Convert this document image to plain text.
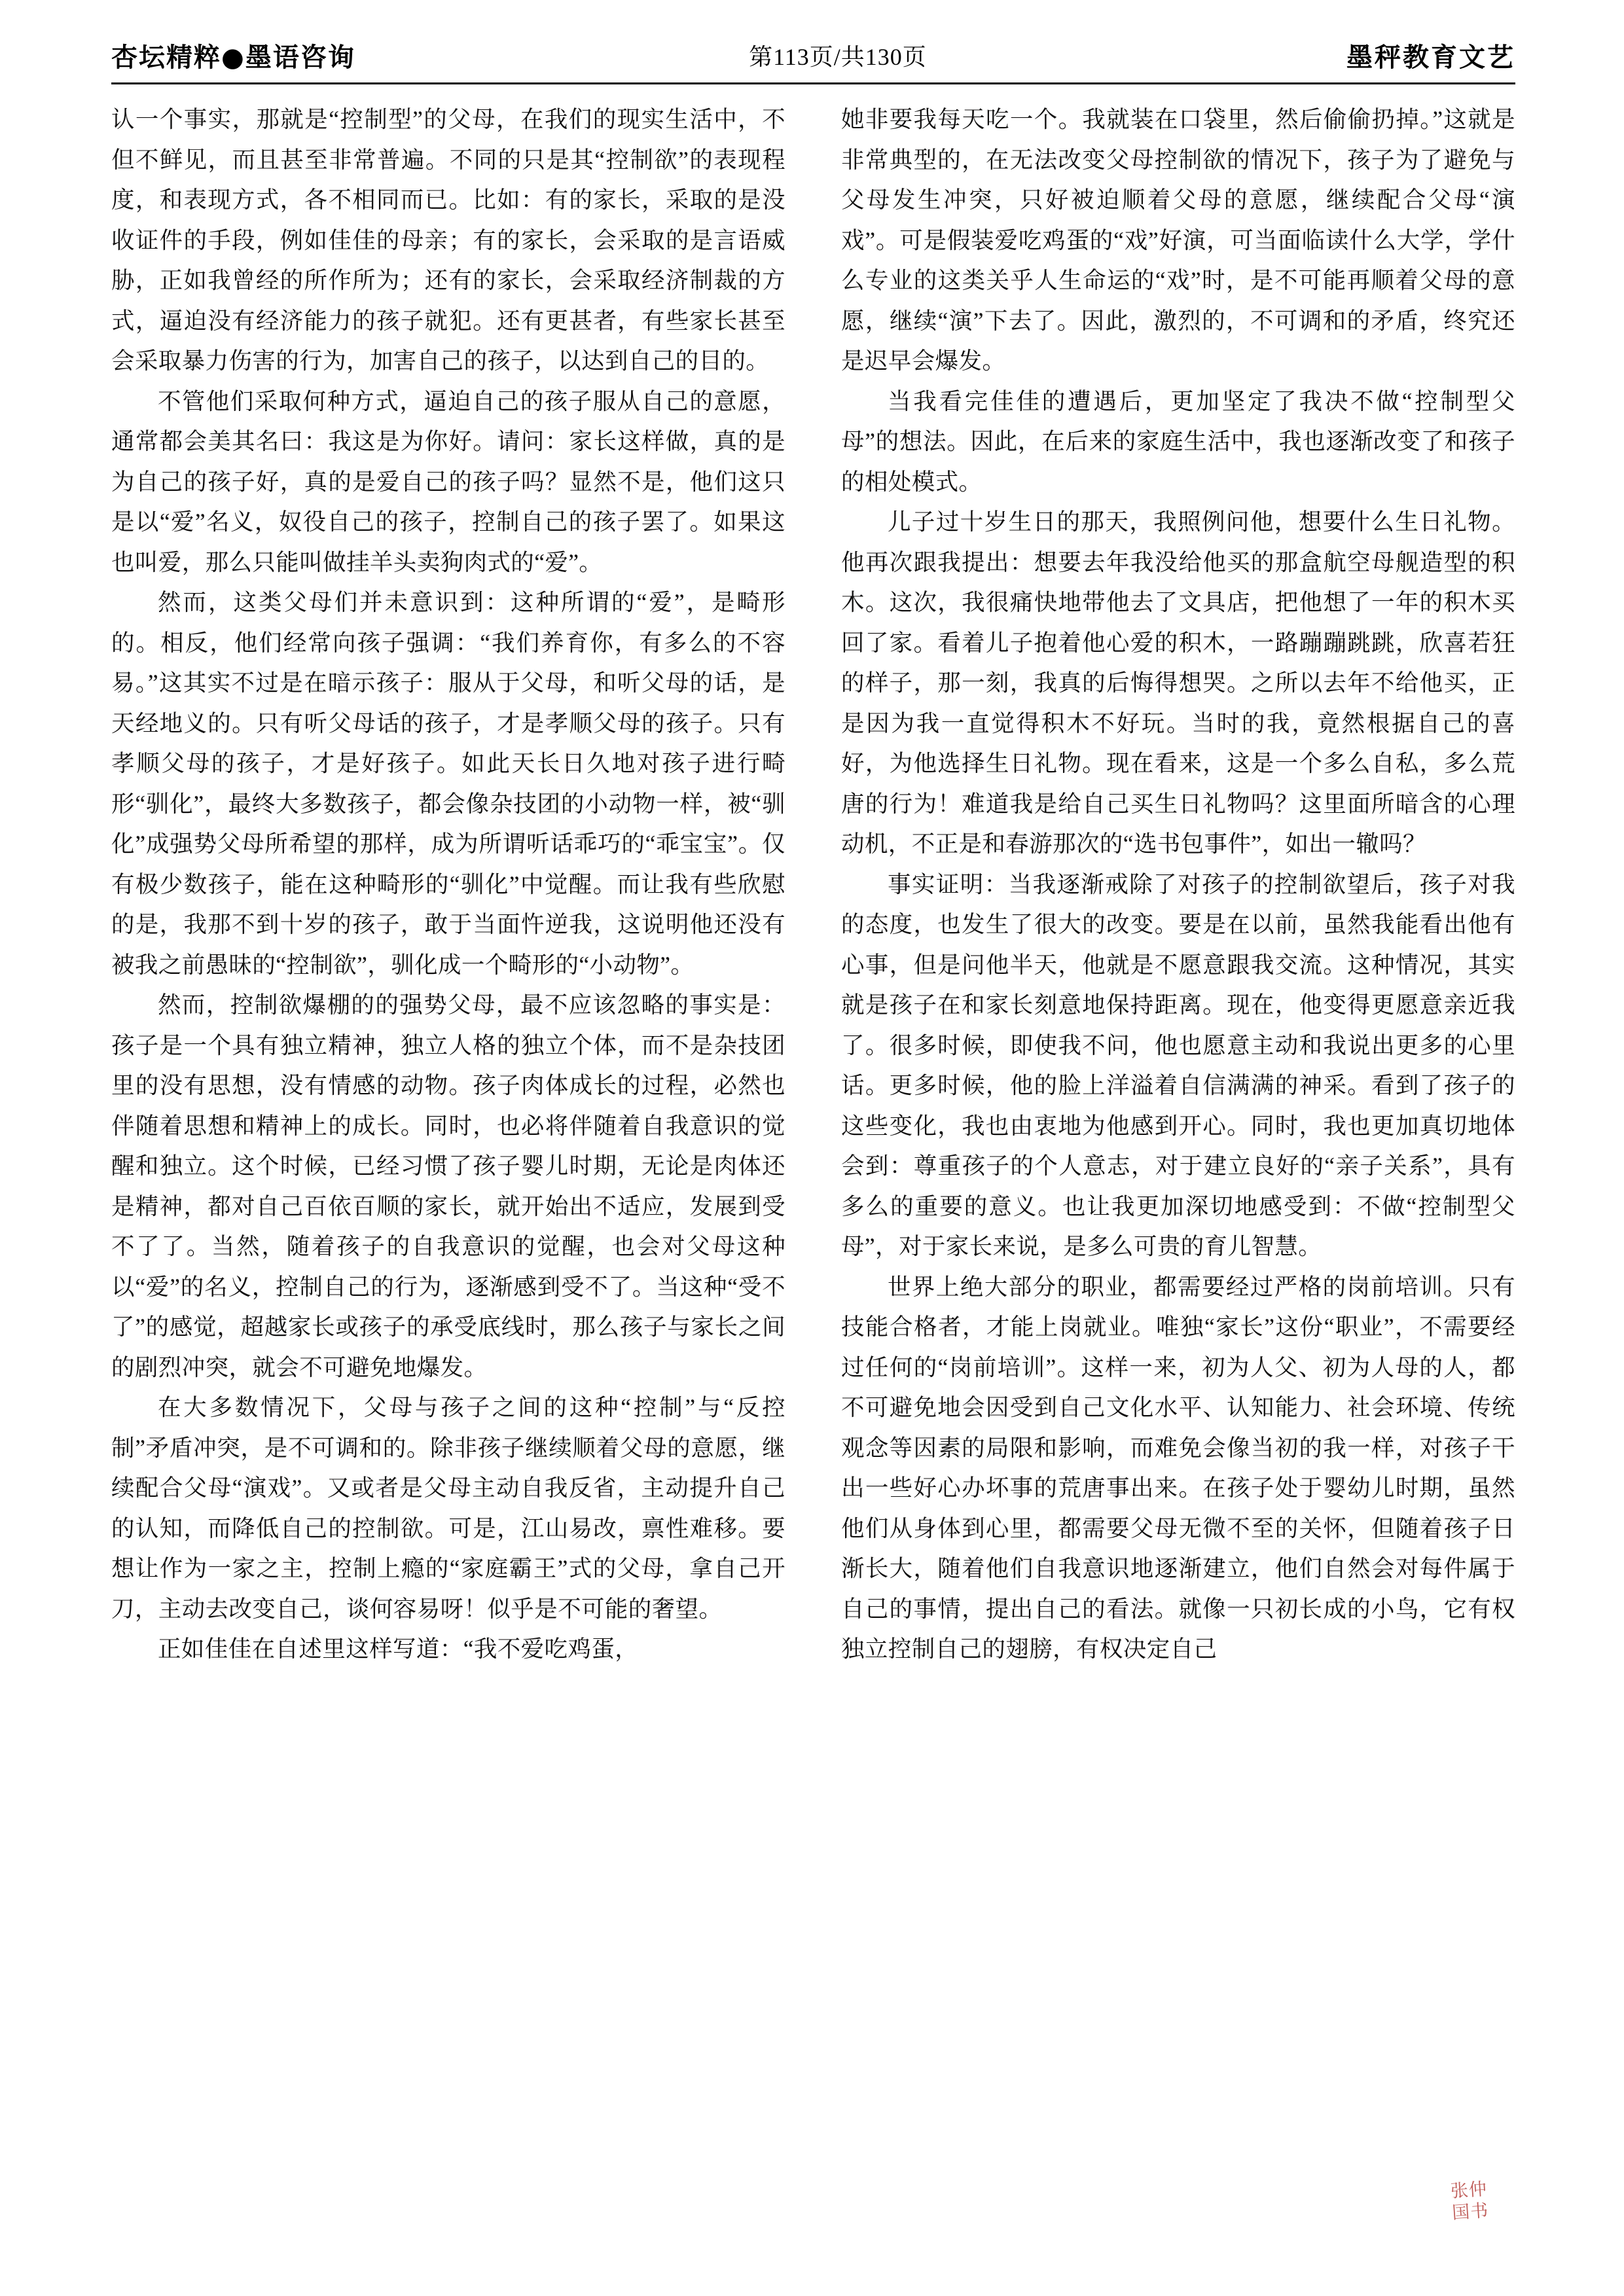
杏坛精粹●墨语咨询	第113页/共130页	墨秤教育文艺

认一个事实，那就是“控制型”的父母，在我们的现实生活中，不但不鲜见，而且甚至非常普遍。不同的只是其“控制欲”的表现程度，和表现方式，各不相同而已。比如：有的家长，采取的是没收证件的手段，例如佳佳的母亲；有的家长，会采取的是言语威胁，正如我曾经的所作所为；还有的家长，会采取经济制裁的方式，逼迫没有经济能力的孩子就犯。还有更甚者，有些家长甚至会采取暴力伤害的行为，加害自己的孩子，以达到自己的目的。

不管他们采取何种方式，逼迫自己的孩子服从自己的意愿，通常都会美其名曰：我这是为你好。请问：家长这样做，真的是为自己的孩子好，真的是爱自己的孩子吗？显然不是，他们这只是以“爱”名义，奴役自己的孩子，控制自己的孩子罢了。如果这也叫爱，那么只能叫做挂羊头卖狗肉式的“爱”。

然而，这类父母们并未意识到：这种所谓的“爱”，是畸形的。相反，他们经常向孩子强调：“我们养育你，有多么的不容易。”这其实不过是在暗示孩子：服从于父母，和听父母的话，是天经地义的。只有听父母话的孩子，才是孝顺父母的孩子。只有孝顺父母的孩子，才是好孩子。如此天长日久地对孩子进行畸形“驯化”，最终大多数孩子，都会像杂技团的小动物一样，被“驯化”成强势父母所希望的那样，成为所谓听话乖巧的“乖宝宝”。仅有极少数孩子，能在这种畸形的“驯化”中觉醒。而让我有些欣慰的是，我那不到十岁的孩子，敢于当面忤逆我，这说明他还没有被我之前愚昧的“控制欲”，驯化成一个畸形的“小动物”。

然而，控制欲爆棚的的强势父母，最不应该忽略的事实是：孩子是一个具有独立精神，独立人格的独立个体，而不是杂技团里的没有思想，没有情感的动物。孩子肉体成长的过程，必然也伴随着思想和精神上的成长。同时，也必将伴随着自我意识的觉醒和独立。这个时候，已经习惯了孩子婴儿时期，无论是肉体还是精神，都对自己百依百顺的家长，就开始出不适应，发展到受不了了。当然，随着孩子的自我意识的觉醒，也会对父母这种以“爱”的名义，控制自己的行为，逐渐感到受不了。当这种“受不了”的感觉，超越家长或孩子的承受底线时，那么孩子与家长之间的剧烈冲突，就会不可避免地爆发。

在大多数情况下，父母与孩子之间的这种“控制”与“反控制”矛盾冲突，是不可调和的。除非孩子继续顺着父母的意愿，继续配合父母“演戏”。又或者是父母主动自我反省，主动提升自己的认知，而降低自己的控制欲。可是，江山易改，禀性难移。要想让作为一家之主，控制上瘾的“家庭霸王”式的父母，拿自己开刀，主动去改变自己，谈何容易呀！似乎是不可能的奢望。

正如佳佳在自述里这样写道：“我不爱吃鸡蛋，

她非要我每天吃一个。我就装在口袋里，然后偷偷扔掉。”这就是非常典型的，在无法改变父母控制欲的情况下，孩子为了避免与父母发生冲突，只好被迫顺着父母的意愿，继续配合父母“演戏”。可是假装爱吃鸡蛋的“戏”好演，可当面临读什么大学，学什么专业的这类关乎人生命运的“戏”时，是不可能再顺着父母的意愿，继续“演”下去了。因此，激烈的，不可调和的矛盾，终究还是迟早会爆发。

当我看完佳佳的遭遇后，更加坚定了我决不做“控制型父母”的想法。因此，在后来的家庭生活中，我也逐渐改变了和孩子的相处模式。

儿子过十岁生日的那天，我照例问他，想要什么生日礼物。他再次跟我提出：想要去年我没给他买的那盒航空母舰造型的积木。这次，我很痛快地带他去了文具店，把他想了一年的积木买回了家。看着儿子抱着他心爱的积木，一路蹦蹦跳跳，欣喜若狂的样子，那一刻，我真的后悔得想哭。之所以去年不给他买，正是因为我一直觉得积木不好玩。当时的我，竟然根据自己的喜好，为他选择生日礼物。现在看来，这是一个多么自私，多么荒唐的行为！难道我是给自己买生日礼物吗？这里面所暗含的心理动机，不正是和春游那次的“选书包事件”，如出一辙吗？

事实证明：当我逐渐戒除了对孩子的控制欲望后，孩子对我的态度，也发生了很大的改变。要是在以前，虽然我能看出他有心事，但是问他半天，他就是不愿意跟我交流。这种情况，其实就是孩子在和家长刻意地保持距离。现在，他变得更愿意亲近我了。很多时候，即使我不问，他也愿意主动和我说出更多的心里话。更多时候，他的脸上洋溢着自信满满的神采。看到了孩子的这些变化，我也由衷地为他感到开心。同时，我也更加真切地体会到：尊重孩子的个人意志，对于建立良好的“亲子关系”，具有多么的重要的意义。也让我更加深切地感受到：不做“控制型父母”，对于家长来说，是多么可贵的育儿智慧。

世界上绝大部分的职业，都需要经过严格的岗前培训。只有技能合格者，才能上岗就业。唯独“家长”这份“职业”，不需要经过任何的“岗前培训”。这样一来，初为人父、初为人母的人，都不可避免地会因受到自己文化水平、认知能力、社会环境、传统观念等因素的局限和影响，而难免会像当初的我一样，对孩子干出一些好心办坏事的荒唐事出来。在孩子处于婴幼儿时期，虽然他们从身体到心里，都需要父母无微不至的关怀，但随着孩子日渐长大，随着他们自我意识地逐渐建立，他们自然会对每件属于自己的事情，提出自己的看法。就像一只初长成的小鸟，它有权独立控制自己的翅膀，有权决定自己

张仲
国书
